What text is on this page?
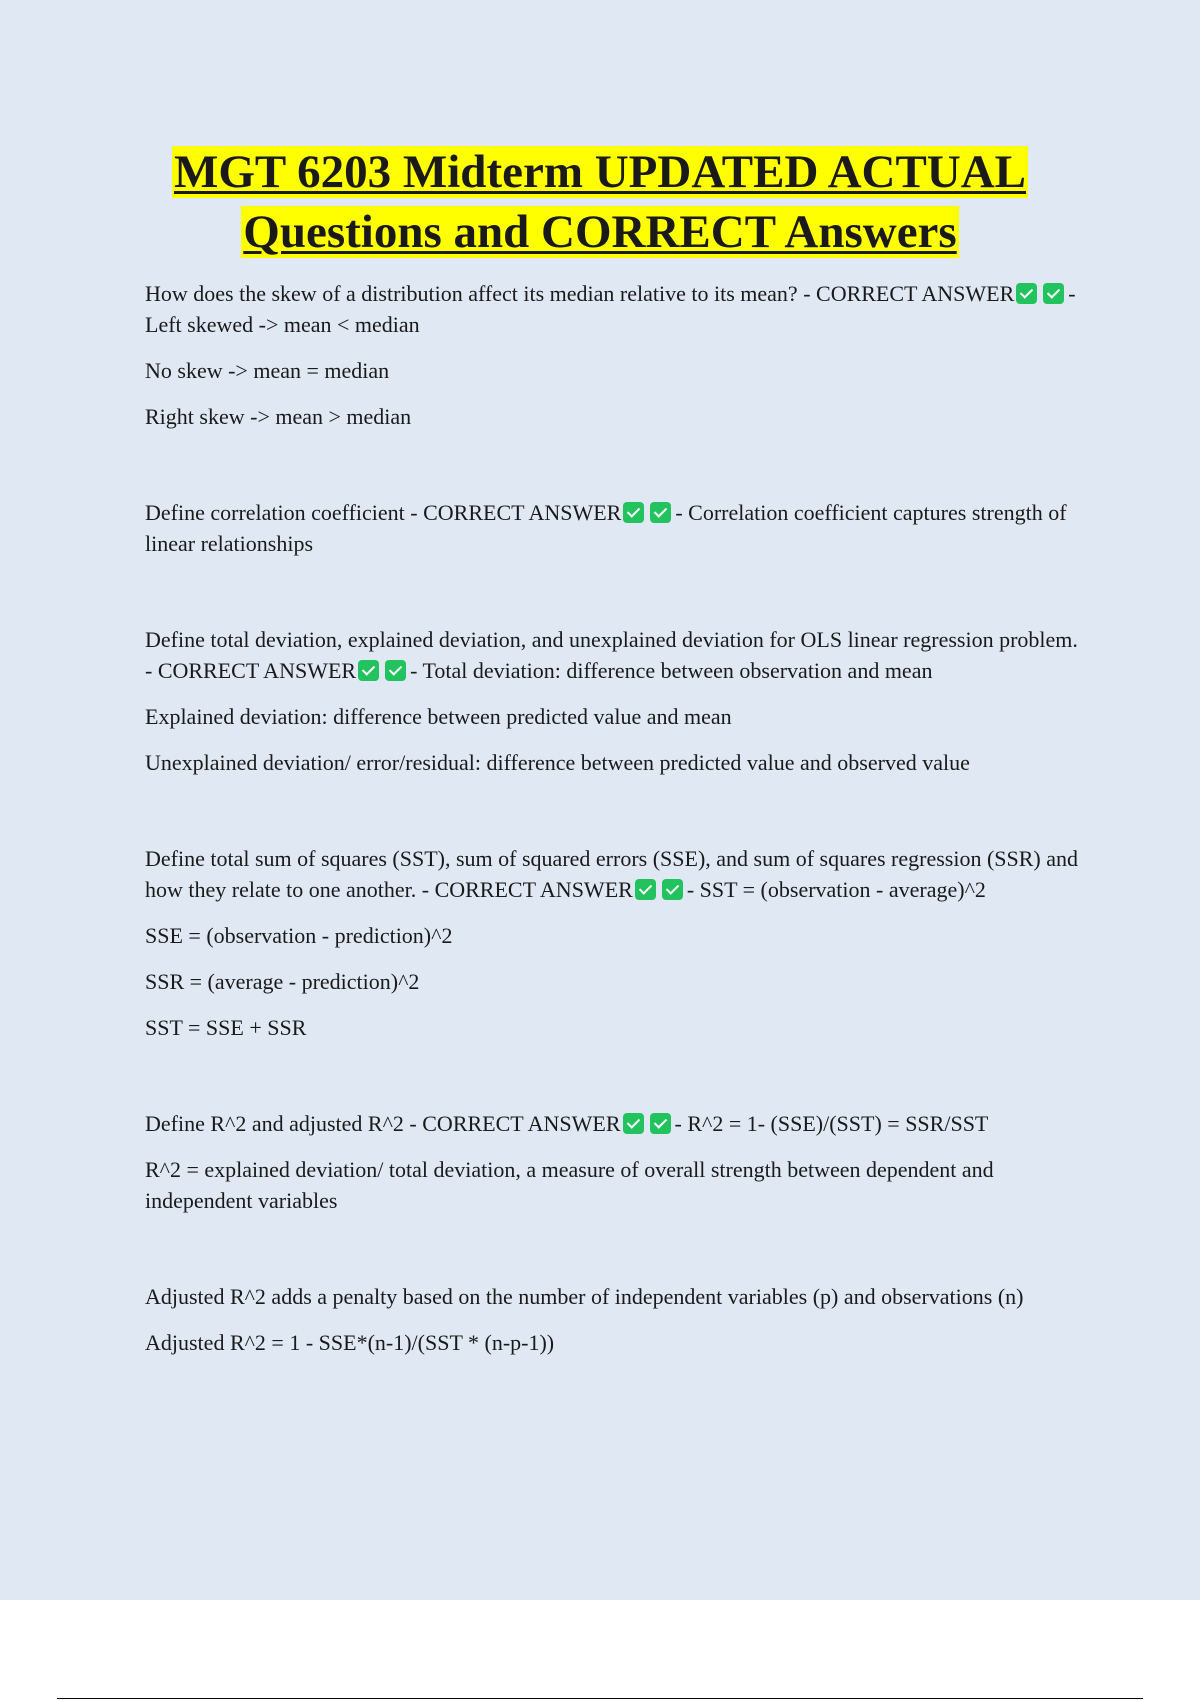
MGT 6203 Midterm UPDATED ACTUAL
Questions and CORRECT Answers

How does the skew of a distribution affect its median relative to its mean? - CORRECT ANSWER - Left skewed -> mean < median

No skew -> mean = median

Right skew -> mean > median

Define correlation coefficient - CORRECT ANSWER - Correlation coefficient captures strength of linear relationships

Define total deviation, explained deviation, and unexplained deviation for OLS linear regression problem. - CORRECT ANSWER - Total deviation: difference between observation and mean

Explained deviation: difference between predicted value and mean

Unexplained deviation/ error/residual: difference between predicted value and observed value

Define total sum of squares (SST), sum of squared errors (SSE), and sum of squares regression (SSR) and how they relate to one another. - CORRECT ANSWER - SST = (observation - average)^2

SSE = (observation - prediction)^2

SSR = (average - prediction)^2

SST = SSE + SSR

Define R^2 and adjusted R^2 - CORRECT ANSWER - R^2 = 1- (SSE)/(SST) = SSR/SST

R^2 = explained deviation/ total deviation, a measure of overall strength between dependent and independent variables

Adjusted R^2 adds a penalty based on the number of independent variables (p) and observations (n)

Adjusted R^2 = 1 - SSE*(n-1)/(SST * (n-p-1))
